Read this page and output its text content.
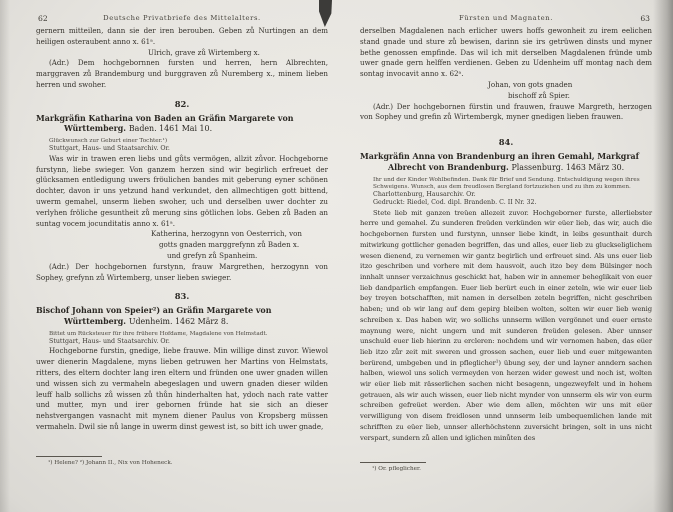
62	Deutsche Privatbriefe des Mittelalters.

gernern mitteilen, dann sie der iren berouben. Geben zů Nurtingen an dem heiligen osteraubent anno x. 61ᵃ.

Ulrich, grave zů Wirtemberg x.

(Adr.) Dem hochgebornnen fursten und herren, hern Albrechten, marggraven zů Brandemburg und burggraven zů Nuremberg x., minem lieben herren und swoher.

82.
Markgräfin Katharina von Baden an Gräfin Margarete von Württemberg. Baden. 1461 Mai 10.
Glückwunsch zur Geburt einer Tochter.¹)
Stuttgart, Haus- und Staatsarchiv. Or.

Was wir in trawen eren liebs und gůts vermögen, allzit zůvor. Hochgeborne furstynn, liebe swieger. Von ganzem herzen sind wir begirlich erfreuet der glücksamen entledigung uwers fröulichen bandes mit geberung eyner schönen dochter, davon ir uns yetzund hand verkundet, den allmechtigen gott bittend, uwerm gemahel, unserm lieben swoher, uch und derselben uwer dochter zu verlyhen fröliche gesuntheit zů merung sins götlichen lobs. Geben zů Baden an suntag vocem jocunditatis anno x. 61ᵃ.

Katherina, herzogynn von Oesterrich, von
gotts gnaden marggrefynn zů Baden x.
und grefyn zů Spanheim.

(Adr.) Der hochgebornen furstynn, frauw Margrethen, herzogynn von Sophey, grefynn zů Wirtemberg, unser lieben swieger.

83.
Bischof Johann von Speier²) an Gräfin Margarete von Württemberg. Udenheim. 1462 März 8.
Bittet um Rücksteuer für ihre frühere Hofdame, Magdalene von Helmstadt.
Stuttgart, Haus- und Staatsarchiv. Or.

Hochgeborne furstin, gnedige, liebe frauwe. Min willige dinst zuvor. Wiewol uwer dienerin Magdalene, myns lieben getruwen her Martins von Helmstats, ritters, des eltern dochter lang iren eltern und fründen one uwer gnaden willen und wissen sich zu vermaheln abegeslagen und uwern gnaden dieser wilden leuff halb sollichs zů wissen zů thůn hinderhalten hat, ydoch nach rate vatter und mutter, myn und irer gebornen fründe hat sie sich an dieser nehstvergangen vasnacht mit mynem diener Paulus von Kropsberg müssen vermaheln. Dwil sie nů lange in uwerm dinst gewest ist, so bitt ich uwer gnade,

¹) Helene? ²) Johann II., Nix von Hoheneck.
Fürsten und Magnaten.	63

derselben Magdalenen nach erlicher uwers hoffs gewonheit zu irem eelichen stand gnade und sture zů bewisen, darinn sie irs getrüwen dinsts und myner bethe genossen empfinde. Das wil ich mit derselben Magdalenen fründe umb uwer gnade gern helffen verdienen. Geben zu Udenheim uff montag nach dem sontag invocavit anno x. 62ᵃ.

Johan, von gots gnaden
bischoff zů Spier.

(Adr.) Der hochgebornen fürstin und frauwen, frauwe Margreth, herzogen von Sophey und grefin zů Wirtembergk, myner gnedigen lieben frauwen.

84.
Markgräfin Anna von Brandenburg an ihren Gemahl, Markgraf Albrecht von Brandenburg. Plassenburg. 1463 März 30.
Ihr und der Kinder Wohlbefinden. Dank für Brief und Sendung. Entschuldigung wegen ihres Schweigens. Wunsch, aus dem freudlosen Bergland fortzuziehen und zu ihm zu kommen.
Charlottenburg, Hausarchiv. Or.
Gedruckt: Riedel, Cod. dipl. Brandenb. C. II Nr. 32.

Stete lieb mit ganzen treüen allezeit zuvor. Hochgeborner furste, allerliebster herre und gemahel. Zu sunderen freüden verkünden wir eüer lieb, das wir, auch die hochgebornen fursten und furstynn, unnser liebe kindt, in leibs gesunthait durch mitwirkung gottlicher genaden begriffen, das und alles, euer lieb zu gluckseliglichem wesen dienend, zu vernemen wir gantz begirlich und erfreuet sind. Als uns euer lieb itzo geschriben und vorhere mit dem hausvoit, auch itzo bey dem Bülsinger noch innhalt unnser verzaichnus geschickt hat, haben wir in annemer beheglikait von euer lieb dandparlich empfangen. Euer lieb berürt euch in einer zeteln, wie wir euer lieb bey treyen botschafften, mit namen in derselben zeteln begriffen, nicht geschriben haben; und ob wir lang auf dem gepirg bleiben wolten, solten wir euer lieb wenig schreiben x. Das haben wir, wo sollichs unnserm willen vergönnet und euer ernste maynung were, nicht ungern und mit sunderen freüden gelesen. Aber unnser unschuld euer lieb hierinn zu ercleren: nochdem und wir vernomen haben, das eüer lieb itzo zůr zeit mit sweren und grossen sachen, euer lieb und euer mitgewanten berürend, umbgeben und in pfleglicher¹) übung sey, der und layner anndern sachen halben, wiewol uns solich vermeyden von herzen wider gewest und noch ist, wolten wir eüer lieb mit rässerlichen sachen nicht besagenn, ungezweyfelt und in hohem getrauen, als wir auch wissen, euer lieb nicht mynder von unnserm els wir von eurm schreiben gefreüet werden. Aber wie dem allen, möchten wir uns mit eüer verwilligung von disem freidlosen unnd unnserm leib umbequemlichen lande mit schrifften zu eüer lieb, unnser allerhöchstenn zuversicht bringen, solt in uns nicht verspart, sundern zů allen und iglichen minůten des

¹) Or. pfleglicher.
